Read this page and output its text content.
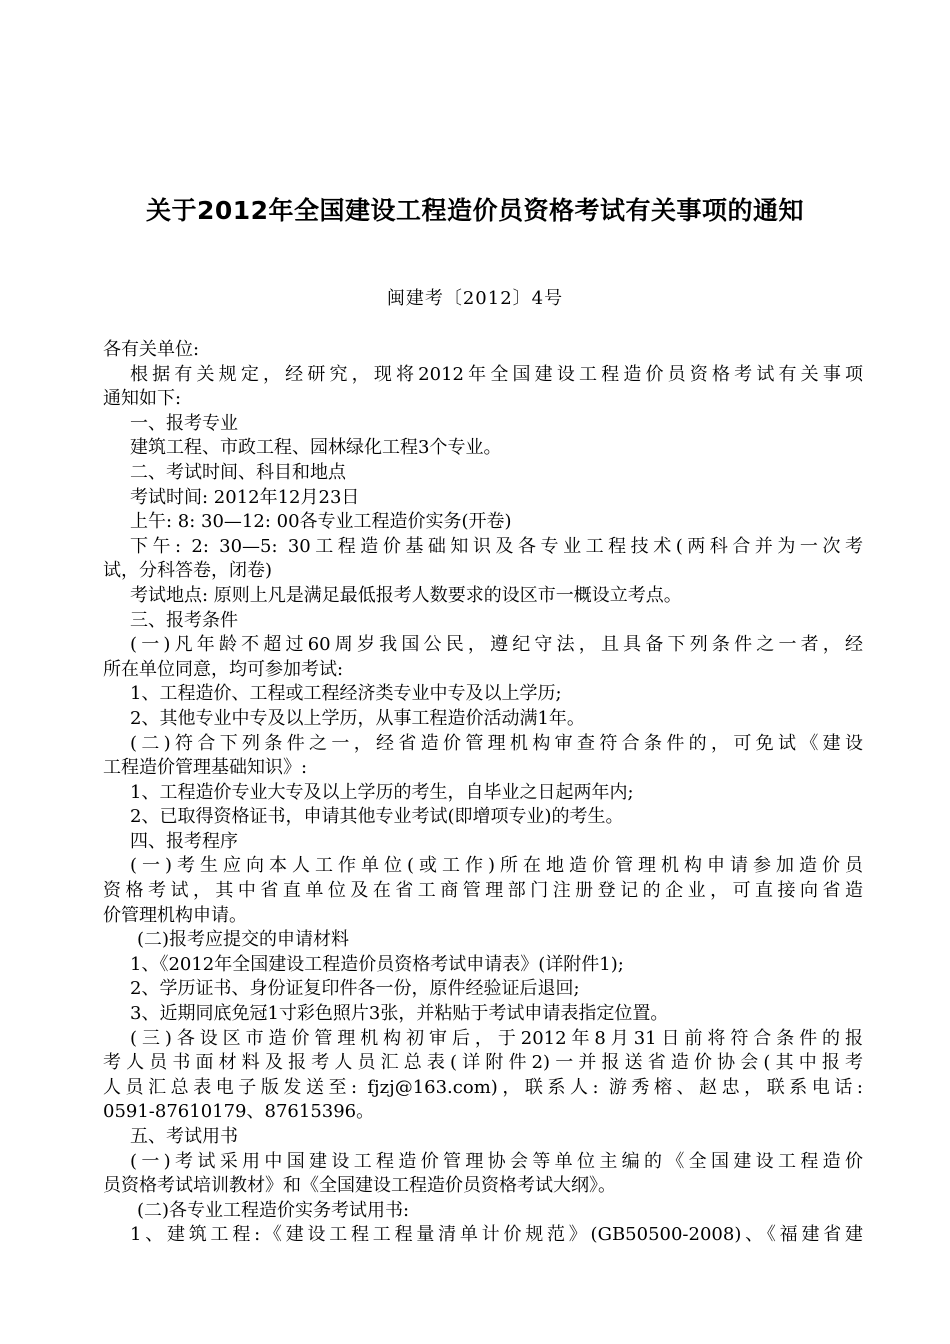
关于2012年全国建设工程造价员资格考试有关事项的通知
闽建考〔2012〕4号
各有关单位:
根据有关规定，经研究，现将2012年全国建设工程造价员资格考试有关事项
通知如下:
一、报考专业
建筑工程、市政工程、园林绿化工程3个专业。
二、考试时间、科目和地点
考试时间: 2012年12月23日
上午: 8: 30—12: 00各专业工程造价实务(开卷)
下午: 2: 30—5: 30工程造价基础知识及各专业工程技术(两科合并为一次考
试，分科答卷，闭卷)
考试地点: 原则上凡是满足最低报考人数要求的设区市一概设立考点。
三、报考条件
(一)凡年龄不超过60周岁我国公民，遵纪守法，且具备下列条件之一者，经
所在单位同意，均可参加考试:
1、工程造价、工程或工程经济类专业中专及以上学历;
2、其他专业中专及以上学历，从事工程造价活动满1年。
(二)符合下列条件之一，经省造价管理机构审查符合条件的，可免试《建设
工程造价管理基础知识》:
1、工程造价专业大专及以上学历的考生，自毕业之日起两年内;
2、已取得资格证书，申请其他专业考试(即增项专业)的考生。
四、报考程序
(一)考生应向本人工作单位(或工作)所在地造价管理机构申请参加造价员
资格考试，其中省直单位及在省工商管理部门注册登记的企业，可直接向省造
价管理机构申请。
(二)报考应提交的申请材料
1、《2012年全国建设工程造价员资格考试申请表》(详附件1);
2、学历证书、身份证复印件各一份，原件经验证后退回;
3、近期同底免冠1寸彩色照片3张，并粘贴于考试申请表指定位置。
(三)各设区市造价管理机构初审后，于2012年8月31日前将符合条件的报
考人员书面材料及报考人员汇总表(详附件2)一并报送省造价协会(其中报考
人员汇总表电子版发送至: fjzj@163.com)，联系人: 游秀榕、赵忠，联系电话:
0591-87610179、87615396。
五、考试用书
(一)考试采用中国建设工程造价管理协会等单位主编的《全国建设工程造价
员资格考试培训教材》和《全国建设工程造价员资格考试大纲》。
(二)各专业工程造价实务考试用书:
1、建筑工程:《建设工程工程量清单计价规范》(GB50500-2008)、《福建省建
